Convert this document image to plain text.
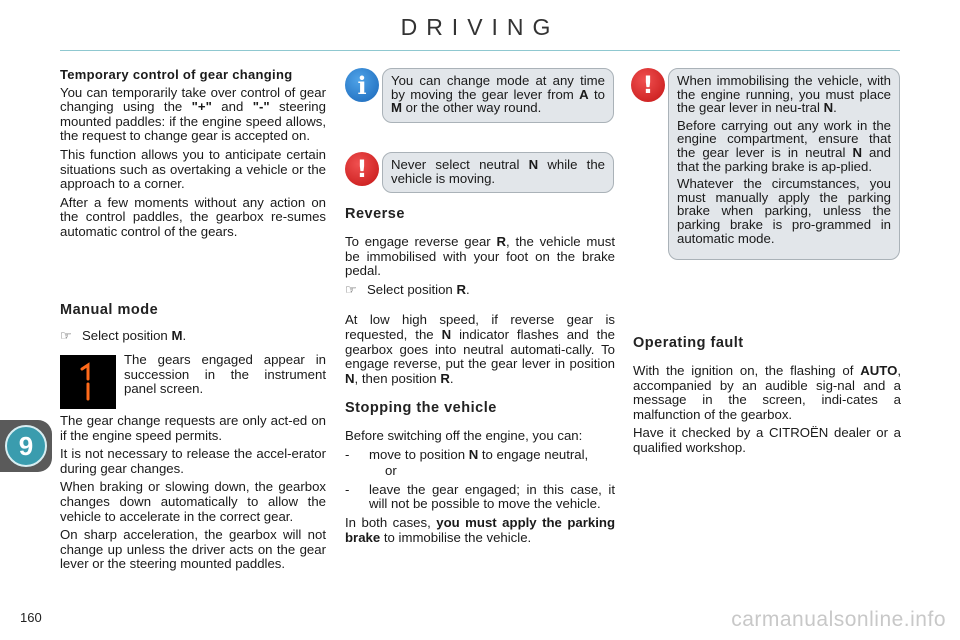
DRIVING

Temporary control of gear changing

You can temporarily take over control of gear changing using the "+" and "-" steering mounted paddles: if the engine speed allows, the request to change gear is accepted on.

This function allows you to anticipate certain situations such as overtaking a vehicle or the approach to a corner.

After a few moments without any action on the control paddles, the gearbox re-sumes automatic control of the gears.

Manual mode

☞ Select position M.

1
The gears engaged appear in succession in the instrument panel screen.

The gear change requests are only act-ed on if the engine speed permits.

It is not necessary to release the accel-erator during gear changes.

When braking or slowing down, the gearbox changes down automatically to allow the vehicle to accelerate in the correct gear.

On sharp acceleration, the gearbox will not change up unless the driver acts on the gear lever or the steering mounted paddles.

i	You can change mode at any time by moving the gear lever from A to M or the other way round.

!	Never select neutral N while the vehicle is moving.

Reverse

To engage reverse gear R, the vehicle must be immobilised with your foot on the brake pedal.

☞ Select position R.

At low high speed, if reverse gear is requested, the N indicator flashes and the gearbox goes into neutral automati-cally. To engage reverse, put the gear lever in position N, then position R.

Stopping the vehicle

Before switching off the engine, you can:

- move to position N to engage neutral,

or

-	leave the gear engaged; in this case, it will not be possible to move the vehicle.

In both cases, you must apply the parking brake to immobilise the vehicle.

!	When immobilising the vehicle, with the engine running, you must place the gear lever in neu-tral N.

Before carrying out any work in the engine compartment, ensure that the gear lever is in neutral N and that the parking brake is ap-plied.

Whatever the circumstances, you must manually apply the parking brake when parking, unless the parking brake is pro-grammed in automatic mode.

Operating fault

With the ignition on, the flashing of AUTO, accompanied by an audible sig-nal and a message in the screen, indi-cates a malfunction of the gearbox.

Have it checked by a CITROËN dealer or a qualified workshop.

9
160	carmanualsonline.info
